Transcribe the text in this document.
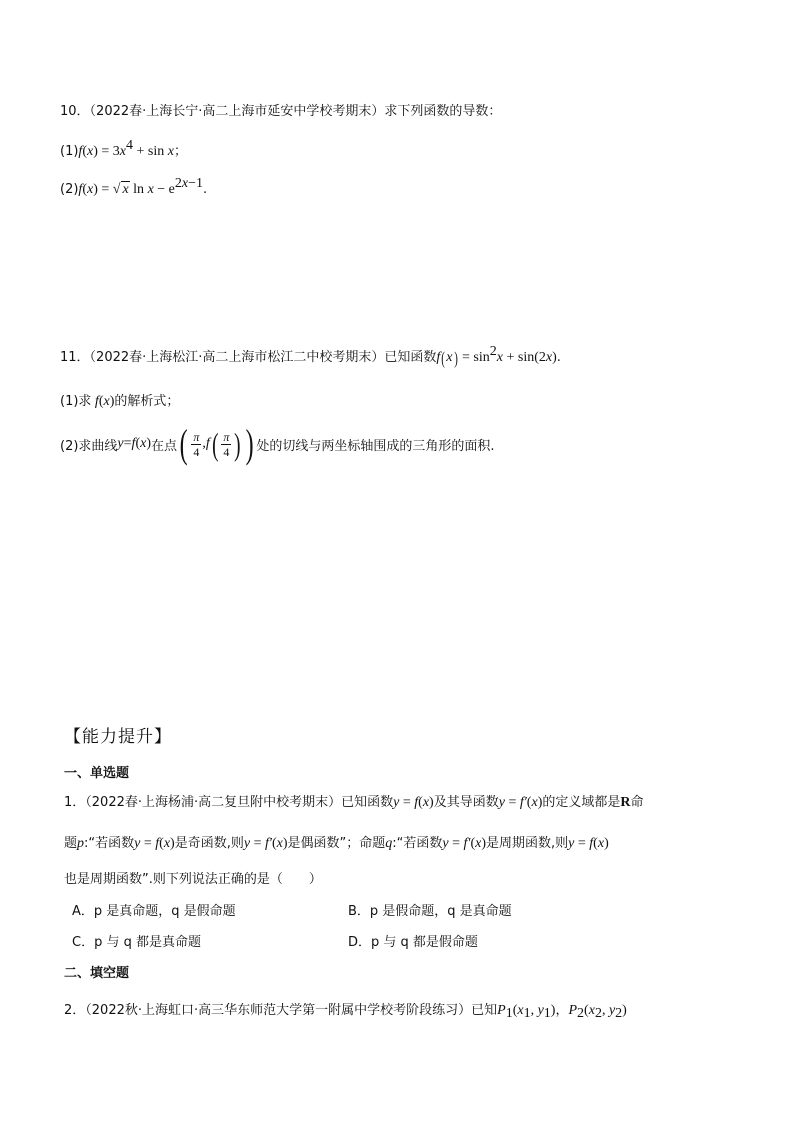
10．（2022春·上海长宁·高二上海市延安中学校考期末）求下列函数的导数：
$(1)f(x) = 3x^4 + \sin x$；
(2)f(x) = √ x $\ln x - e^{2x-1}$.
11．（2022春·上海松江·高二上海市松江二中校考期末）已知函数$f(x) = \sin^2x + \sin(2x)$.
(1)求 f(x)的解析式；
(2)求曲线 y = f ( x ) 在点 ( $\frac{\pi}{4}$ , f ( $\frac{\pi}{4}$ ) ) 处的切线与两坐标轴围成的三角形的面积.
【能力提升】
一、单选题
1．（2022春·上海杨浦·高二复旦附中校考期末）已知函数y = f(x)及其导函数y = f′(x)的定义域都是R命
题p:“若函数y = f(x)是奇函数,则y = f′(x)是偶函数”；命题q:“若函数y = f′(x)是周期函数,则y = f(x)
也是周期函数”.则下列说法正确的是（　　）
A．p 是真命题，q 是假命题	B．p 是假命题，q 是真命题
C．p 与 q 都是真命题	D．p 与 q 都是假命题
二、填空题
2．（2022秋·上海虹口·高三华东师范大学第一附属中学校考阶段练习）已知$P_1(x_1$, $y_1$)，$P_2(x_2$, $y_2$)
